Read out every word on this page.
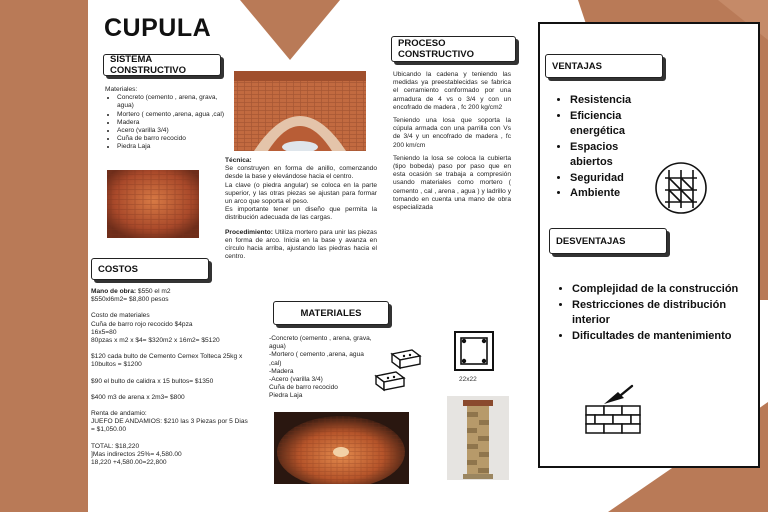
CUPULA
SISTEMA CONSTRUCTIVO
Materiales:
• Concreto (cemento , arena, grava, agua)
• Mortero ( cemento ,arena, agua ,cal)
• Madera
• Acero (varilla 3/4)
• Cuña de barro recocido
• Piedra Laja
Técnica:
Se construyen en forma de anillo, comenzando desde la base y elevándose hacia el centro.
La clave (o piedra angular) se coloca en la parte superior, y las otras piezas se ajustan para formar un arco que soporta el peso.
Es importante tener un diseño que permita la distribución adecuada de las cargas.
Procedimiento: Utiliza mortero para unir las piezas en forma de arco. Inicia en la base y avanza en círculo hacia arriba, ajustando las piedras hacia el centro.
COSTOS
Mano de obra: $550 el m2
$550xl6m2= $8,800 pesos
Costo de materiales
Cuña de barro rojo recocido $4pza
16x5=80
80pzas x m2 x $4= $320m2 x 16m2= $5120
$120 cada bulto de Cemento Cemex Tolteca 25kg x 10bultos = $1200
$90 el bulto de calidra x 15 bultos= $1350
$400 m3 de arena x 2m3= $800
Renta de andamio:
JUEFO DE ANDAMIOS: $210 las 3 Piezas por 5 Dias = $1,050.00
TOTAL: $18,220
]Mas indirectos 25%= 4,580.00
18,220 +4,580.00=22,800
MATERIALES
-Concreto (cemento , arena, grava, agua)
-Mortero ( cemento ,arena, agua ,cal)
-Madera
-Acero (varilla 3/4)
Cuña de barro recocido
Piedra Laja
22x22
PROCESO CONSTRUCTIVO

Ubicando la cadena y teniendo las medidas ya preestablecidas se fabrica el cerramiento conformado por una armadura de 4 vs o 3/4 y con un encofrado de madera , fc 200 kg/cm2

Teniendo una losa que soporta la cúpula armada con una parrilla con Vs de 3/4 y un encofrado de madera , fc 200 km/cm

Teniendo la losa se coloca la cubierta (tipo bobeda) paso por paso que en esta ocasión se trabaja a compresión usando materiales como mortero ( cemento , cal , arena , agua ) y ladrillo y tomando en cuenta una mano de obra especializada

VENTAJAS
• Resistencia
• Eficiencia energética
• Espacios abiertos
• Seguridad
• Ambiente
DESVENTAJAS
• Complejidad de la construcción
• Restricciones de distribución interior
• Dificultades de mantenimiento
